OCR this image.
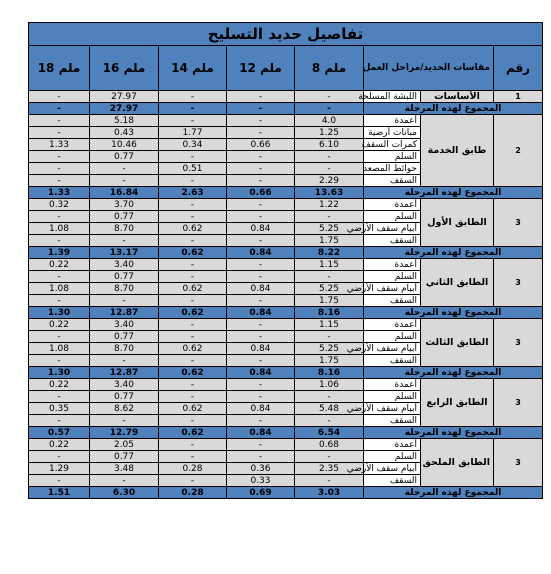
تفاصيل حديد التسليح							
ملم 18	ملم 16	ملم 14	ملم 12	ملم 8	مقاسات الحديد/مراحل العمل		رقم
-	27.97	-	-	-	اللبشة المسلحة	الأساسات	1
-	27.97	-	-	-	المجموع لهذه المرحلة		
-	5.18	-	-	4.0	أعمدة	طابق الخدمة	2
-	0.43	1.77	-	1.25	مبانات أرضية		
1.33	10.46	0.34	0.66	6.10	كمرات السقف		
-	0.77	-	-	-	السلم		
-	-	0.51	-	-	حوائط المصعد		
-	-	-	-	2.29	السقف		
1.33	16.84	2.63	0.66	13.63	المجموع لهذه المرحلة		
0.32	3.70	-	-	1.22	أعمدة	الطابق الأول	3
-	0.77	-	-	-	السلم		
1.08	8.70	0.62	0.84	5.25	أبيام سقف الأرضي		
-	-	-	-	1.75	السقف		
1.39	13.17	0.62	0.84	8.22	المجموع لهذه المرحلة		
0.22	3.40	-	-	1.15	أعمدة	الطابق الثاني	3
-	0.77	-	-	-	السلم		
1.08	8.70	0.62	0.84	5.25	أبيام سقف الأرضي		
-	-	-	-	1.75	السقف		
1.30	12.87	0.62	0.84	8.16	المجموع لهذه المرحلة		
0.22	3.40	-	-	1.15	أعمدة	الطابق الثالث	3
-	0.77	-	-	-	السلم		
1.08	8.70	0.62	0.84	5.25	أبيام سقف الأرضي		
-	-	-	-	1.75	السقف		
1.30	12.87	0.62	0.84	8.16	المجموع لهذه المرحلة		
0.22	3.40	-	-	1.06	أعمدة	الطابق الرابع	3
-	0.77	-	-	-	السلم		
0.35	8.62	0.62	0.84	5.48	أبيام سقف الأرضي		
-	-	-	-	-	السقف		
0.57	12.79	0.62	0.84	6.54	المجموع لهذه المرحلة		
0.22	2.05	-	-	0.68	أعمدة	الطابق الملحق	3
-	0.77	-	-	-	السلم		
1.29	3.48	0.28	0.36	2.35	أبيام سقف الأرضي		
-	-	-	0.33	-	السقف		
1.51	6.30	0.28	0.69	3.03	المجموع لهذه المرحلة		
